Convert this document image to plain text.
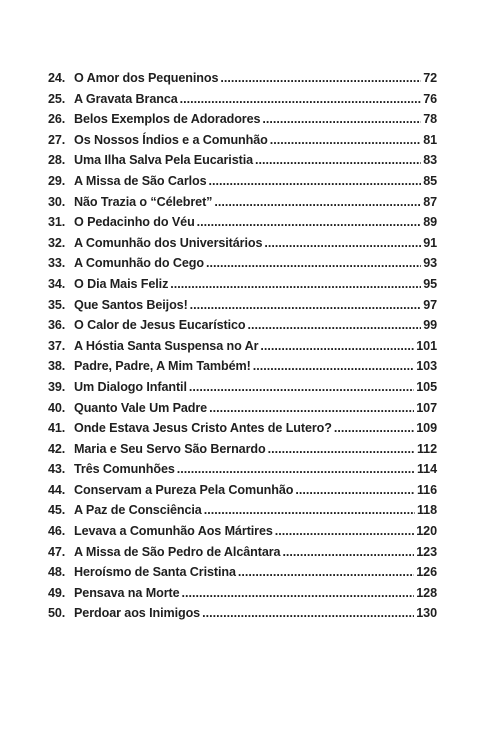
24. O Amor dos Pequeninos .....	72
25. A Gravata Branca .....	76
26. Belos Exemplos de Adoradores .....	78
27. Os Nossos Índios e a Comunhão .....	81
28. Uma Ilha Salva Pela Eucaristia .....	83
29. A Missa de São Carlos .....	85
30. Não Trazia o “Célebret” .....	87
31. O Pedacinho do Véu .....	89
32. A Comunhão dos Universitários .....	91
33. A Comunhão do Cego .....	93
34. O Dia Mais Feliz .....	95
35. Que Santos Beijos! .....	97
36. O Calor de Jesus Eucarístico .....	99
37. A Hóstia Santa Suspensa no Ar .....	101
38. Padre, Padre, A Mim Também! .....	103
39. Um Dialogo Infantil .....	105
40. Quanto Vale Um Padre .....	107
41. Onde Estava Jesus Cristo Antes de Lutero? .....	109
42. Maria e Seu Servo São Bernardo .....	112
43. Três Comunhões .....	114
44. Conservam a Pureza Pela Comunhão .....	116
45. A Paz de Consciência .....	118
46. Levava a Comunhão Aos Mártires .....	120
47. A Missa de São Pedro de Alcântara .....	123
48. Heroísmo de Santa Cristina .....	126
49. Pensava na Morte .....	128
50. Perdoar aos Inimigos .....	130
